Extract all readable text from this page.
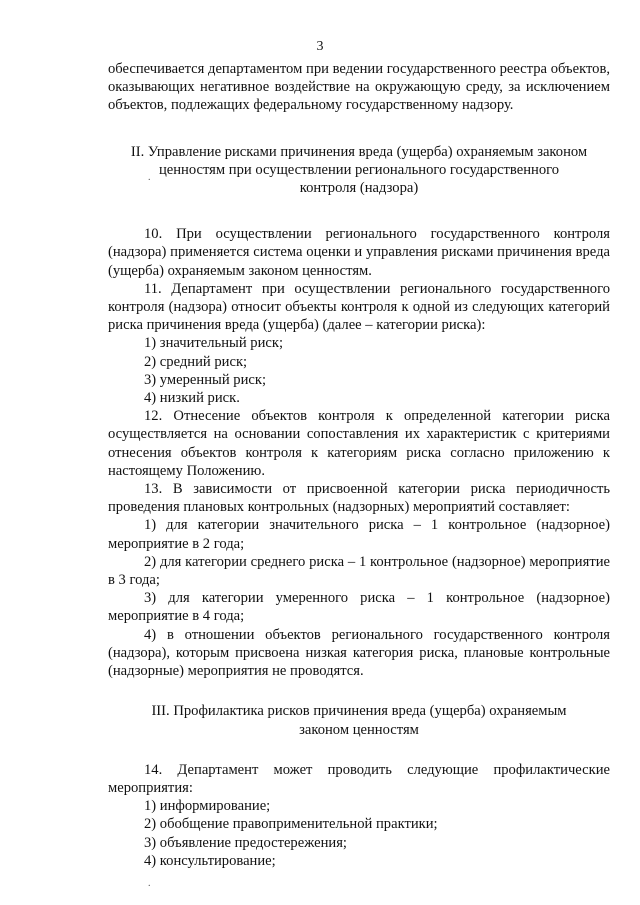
3

обеспечивается департаментом при ведении государственного реестра объектов, оказывающих негативное воздействие на окружающую среду, за исключением объектов, подлежащих федеральному государственному надзору.

II. Управление рисками причинения вреда (ущерба) охраняемым законом
ценностям при осуществлении регионального государственного
контроля (надзора)

10. При осуществлении регионального государственного контроля (надзора) применяется система оценки и управления рисками причинения вреда (ущерба) охраняемым законом ценностям.

11. Департамент при осуществлении регионального государственного контроля (надзора) относит объекты контроля к одной из следующих категорий риска причинения вреда (ущерба) (далее – категории риска):

1) значительный риск;

2) средний риск;

3) умеренный риск;

4) низкий риск.

12. Отнесение объектов контроля к определенной категории риска осуществляется на основании сопоставления их характеристик с критериями отнесения объектов контроля к категориям риска согласно приложению к настоящему Положению.

13. В зависимости от присвоенной категории риска периодичность проведения плановых контрольных (надзорных) мероприятий составляет:

1) для категории значительного риска – 1 контрольное (надзорное) мероприятие в 2 года;

2) для категории среднего риска – 1 контрольное (надзорное) мероприятие в 3 года;

3) для категории умеренного риска – 1 контрольное (надзорное) мероприятие в 4 года;

4) в отношении объектов регионального государственного контроля (надзора), которым присвоена низкая категория риска, плановые контрольные (надзорные) мероприятия не проводятся.

III. Профилактика рисков причинения вреда (ущерба) охраняемым
законом ценностям

14. Департамент может проводить следующие профилактические мероприятия:

1) информирование;

2) обобщение правоприменительной практики;

3) объявление предостережения;

4) консультирование;

.
.
